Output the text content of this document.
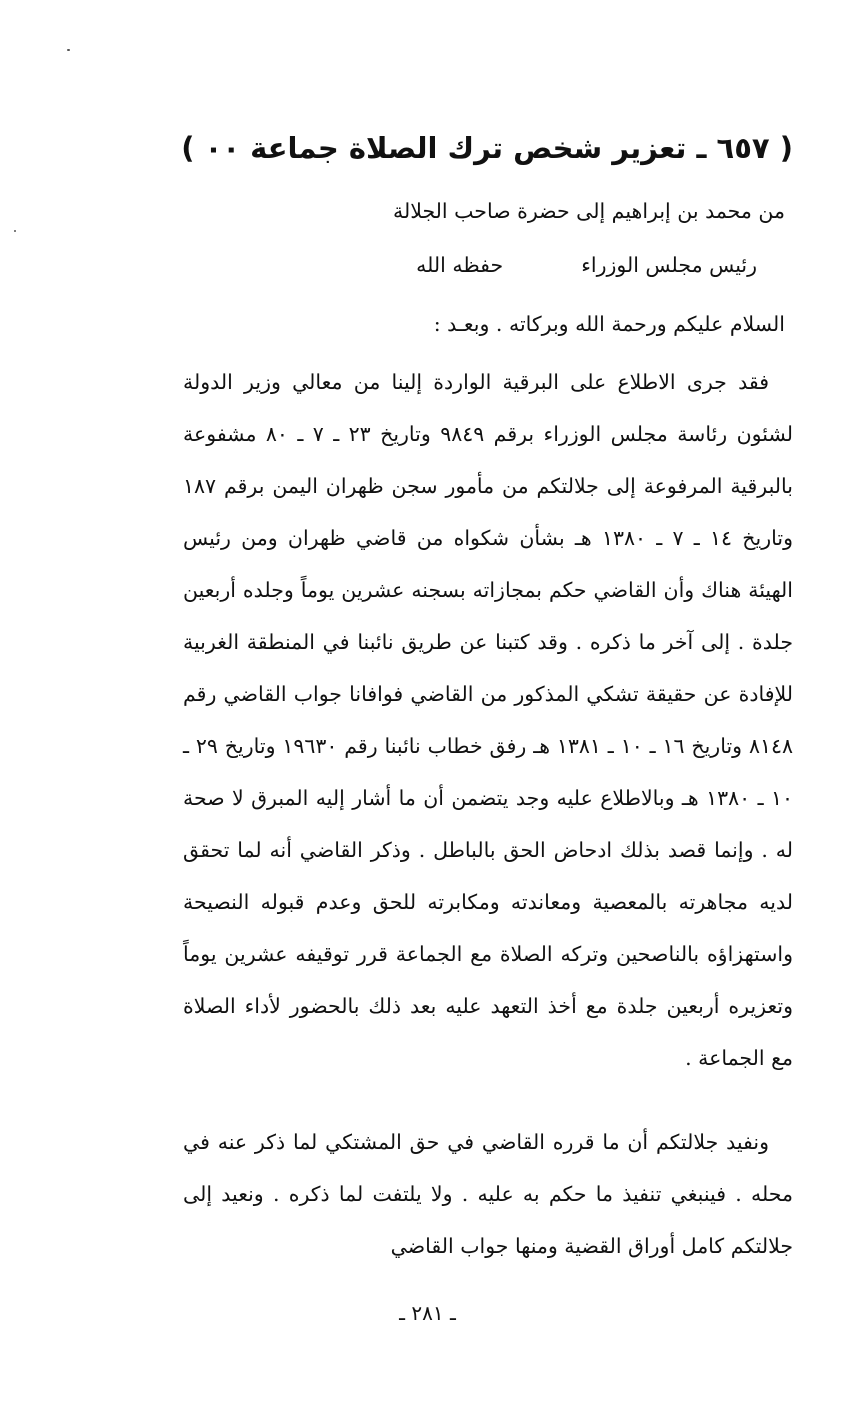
( ٦٥٧ ـ تعزير شخص ترك الصلاة جماعة ٠٠ )
من محمد بن إبراهيم إلى حضرة صاحب الجلالة
رئيس مجلس الوزراءحفظه الله
السلام عليكم ورحمة الله وبركاته . وبعـد :
فقد جرى الاطلاع على البرقية الواردة إلينا من معالي وزير الدولة لشئون رئاسة مجلس الوزراء برقم ٩٨٤٩ وتاريخ ٢٣ ـ ٧ ـ ٨٠ مشفوعة بالبرقية المرفوعة إلى جلالتكم من مأمور سجن ظهران اليمن برقم ١٨٧ وتاريخ ١٤ ـ ٧ ـ ١٣٨٠ هـ بشأن شكواه من قاضي ظهران ومن رئيس الهيئة هناك وأن القاضي حكم بمجازاته بسجنه عشرين يوماً وجلده أربعين جلدة . إلى آخر ما ذكره . وقد كتبنا عن طريق نائبنا في المنطقة الغربية للإفادة عن حقيقة تشكي المذكور من القاضي فوافانا جواب القاضي رقم ٨١٤٨ وتاريخ ١٦ ـ ١٠ ـ ١٣٨١ هـ رفق خطاب نائبنا رقم ١٩٦٣٠ وتاريخ ٢٩ ـ ١٠ ـ ١٣٨٠ هـ وبالاطلاع عليه وجد يتضمن أن ما أشار إليه المبرق لا صحة له . وإنما قصد بذلك ادحاض الحق بالباطل . وذكر القاضي أنه لما تحقق لديه مجاهرته بالمعصية ومعاندته ومكابرته للحق وعدم قبوله النصيحة واستهزاؤه بالناصحين وتركه الصلاة مع الجماعة قرر توقيفه عشرين يوماً وتعزيره أربعين جلدة مع أخذ التعهد عليه بعد ذلك بالحضور لأداء الصلاة مع الجماعة .
ونفيد جلالتكم أن ما قرره القاضي في حق المشتكي لما ذكر عنه في محله . فينبغي تنفيذ ما حكم به عليه . ولا يلتفت لما ذكره . ونعيد إلى جلالتكم كامل أوراق القضية ومنها جواب القاضي
ـ ٢٨١ ـ
